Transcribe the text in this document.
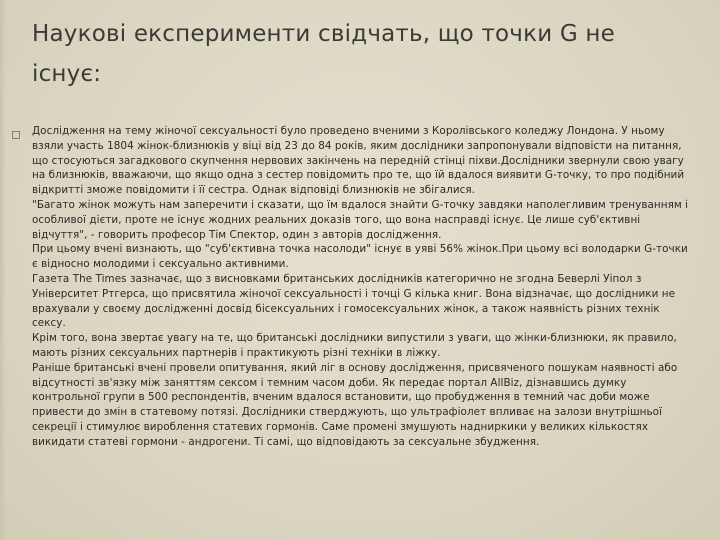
Наукові експерименти свідчать, що точки G не існує:

Дослідження на тему жіночої сексуальності було проведено вченими з Королівського коледжу Лондона. У ньому взяли участь 1804 жінок-близнюків у віці від 23 до 84 років, яким дослідники запропонували відповісти на питання, що стосуються загадкового скупчення нервових закінчень на передній стінці піхви.Дослідники звернули свою увагу на близнюків, вважаючи, що якщо одна з сестер повідомить про те, що їй вдалося виявити G-точку, то про подібний відкритті зможе повідомити і її сестра. Однак відповіді близнюків не збігалися.

"Багато жінок можуть нам заперечити і сказати, що їм вдалося знайти G-точку завдяки наполегливим тренуванням і особливої дієти, проте не існує жодних реальних доказів того, що вона насправді існує. Це лише суб'єктивні відчуття", - говорить професор Тім Спектор, один з авторів дослідження.

При цьому вчені визнають, що "суб'єктивна точка насолоди" існує в уяві 56% жінок.При цьому всі володарки G-точки є відносно молодими і сексуально активними.

Газета The Times зазначає, що з висновками британських дослідників категорично не згодна Беверлі Уіпол з Університет Ртгерса, що присвятила жіночої сексуальності і точці G кілька книг. Вона відзначає, що дослідники не врахували у своєму дослідженні досвід бісексуальних і гомосексуальних жінок, а також наявність різних технік сексу.

Крім того, вона звертає увагу на те, що британські дослідники випустили з уваги, що жінки-близнюки, як правило, мають різних сексуальних партнерів і практикують різні техніки в ліжку.

Раніше британські вчені провели опитування, який ліг в основу дослідження, присвяченого пошукам наявності або відсутності зв'язку між заняттям сексом і темним часом доби. Як передає портал AllBiz, дізнавшись думку контрольної групи в 500 респондентів, вченим вдалося встановити, що пробудження в темний час доби може привести до змін в статевому потязі. Дослідники стверджують, що ультрафіолет впливає на залози внутрішньої секреції і стимулює вироблення статевих гормонів. Саме промені змушують надниркики у великих кількостях викидати статеві гормони - андрогени. Ті самі, що відповідають за сексуальне збудження.
